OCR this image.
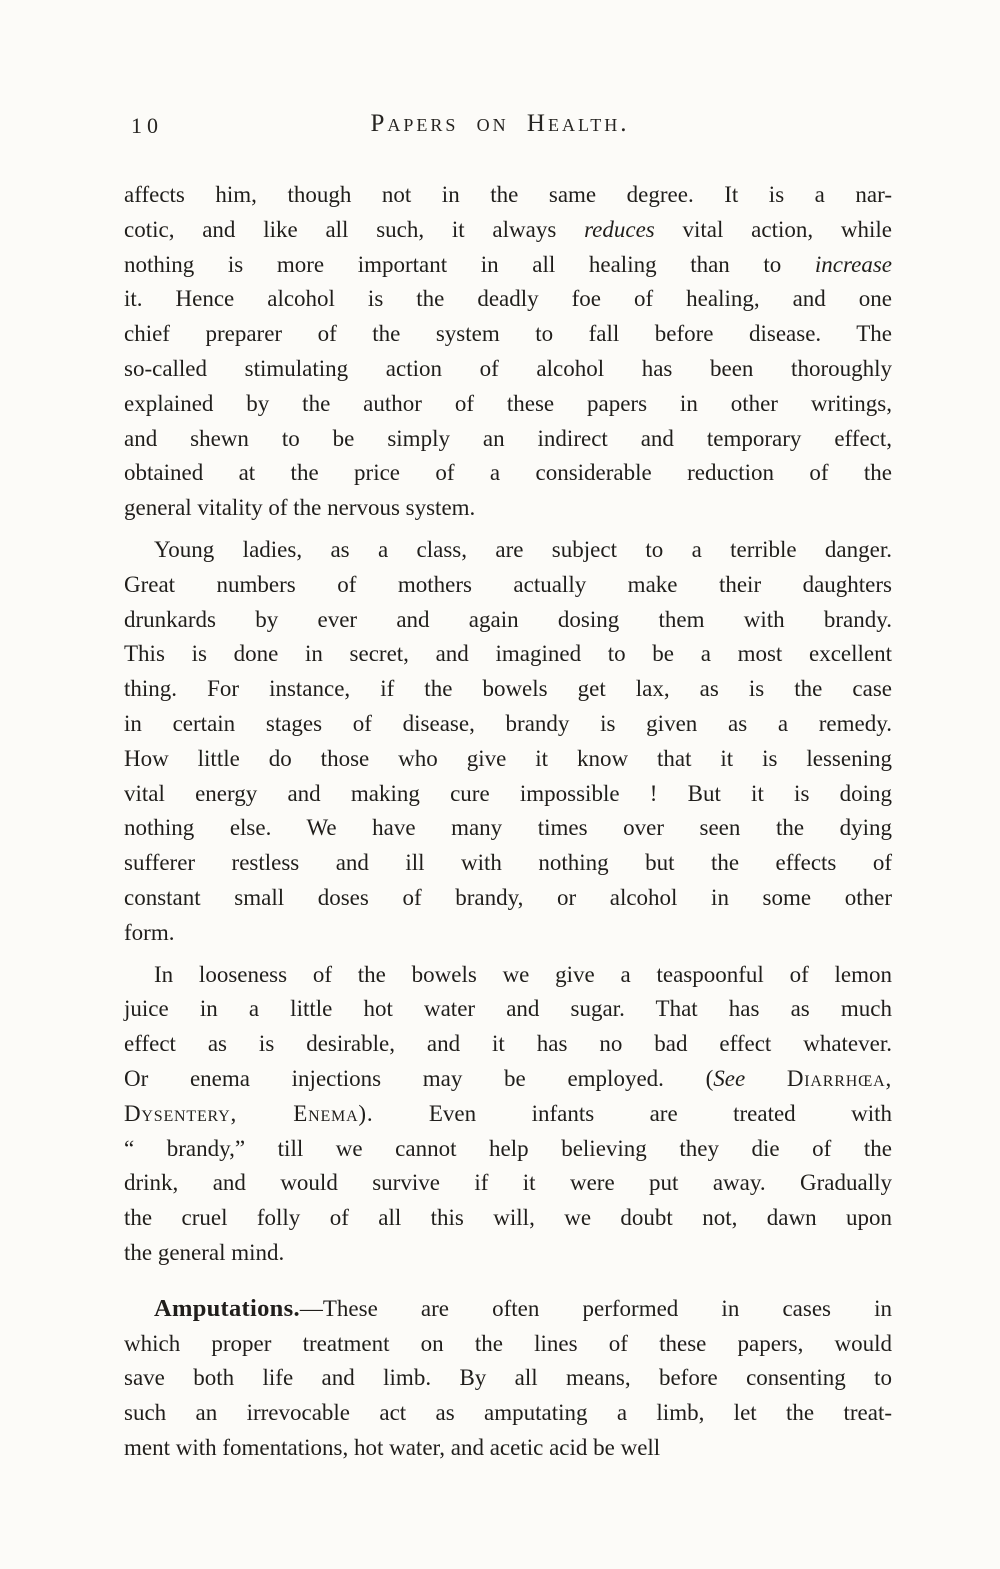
10	Papers on Health.
affects him, though not in the same degree. It is a nar-
cotic, and like all such, it always reduces vital action, while
nothing is more important in all healing than to increase
it. Hence alcohol is the deadly foe of healing, and one
chief preparer of the system to fall before disease. The
so-called stimulating action of alcohol has been thoroughly
explained by the author of these papers in other writings,
and shewn to be simply an indirect and temporary effect,
obtained at the price of a considerable reduction of the
general vitality of the nervous system.
Young ladies, as a class, are subject to a terrible danger.
Great numbers of mothers actually make their daughters
drunkards by ever and again dosing them with brandy.
This is done in secret, and imagined to be a most excellent
thing. For instance, if the bowels get lax, as is the case
in certain stages of disease, brandy is given as a remedy.
How little do those who give it know that it is lessening
vital energy and making cure impossible ! But it is doing
nothing else. We have many times over seen the dying
sufferer restless and ill with nothing but the effects of
constant small doses of brandy, or alcohol in some other
form.
In looseness of the bowels we give a teaspoonful of lemon
juice in a little hot water and sugar. That has as much
effect as is desirable, and it has no bad effect whatever.
Or enema injections may be employed. (See Diarrhœa,
Dysentery, Enema). Even infants are treated with
“ brandy,” till we cannot help believing they die of the
drink, and would survive if it were put away. Gradually
the cruel folly of all this will, we doubt not, dawn upon
the general mind.
Amputations.—These are often performed in cases in
which proper treatment on the lines of these papers, would
save both life and limb. By all means, before consenting to
such an irrevocable act as amputating a limb, let the treat-
ment with fomentations, hot water, and acetic acid be well
